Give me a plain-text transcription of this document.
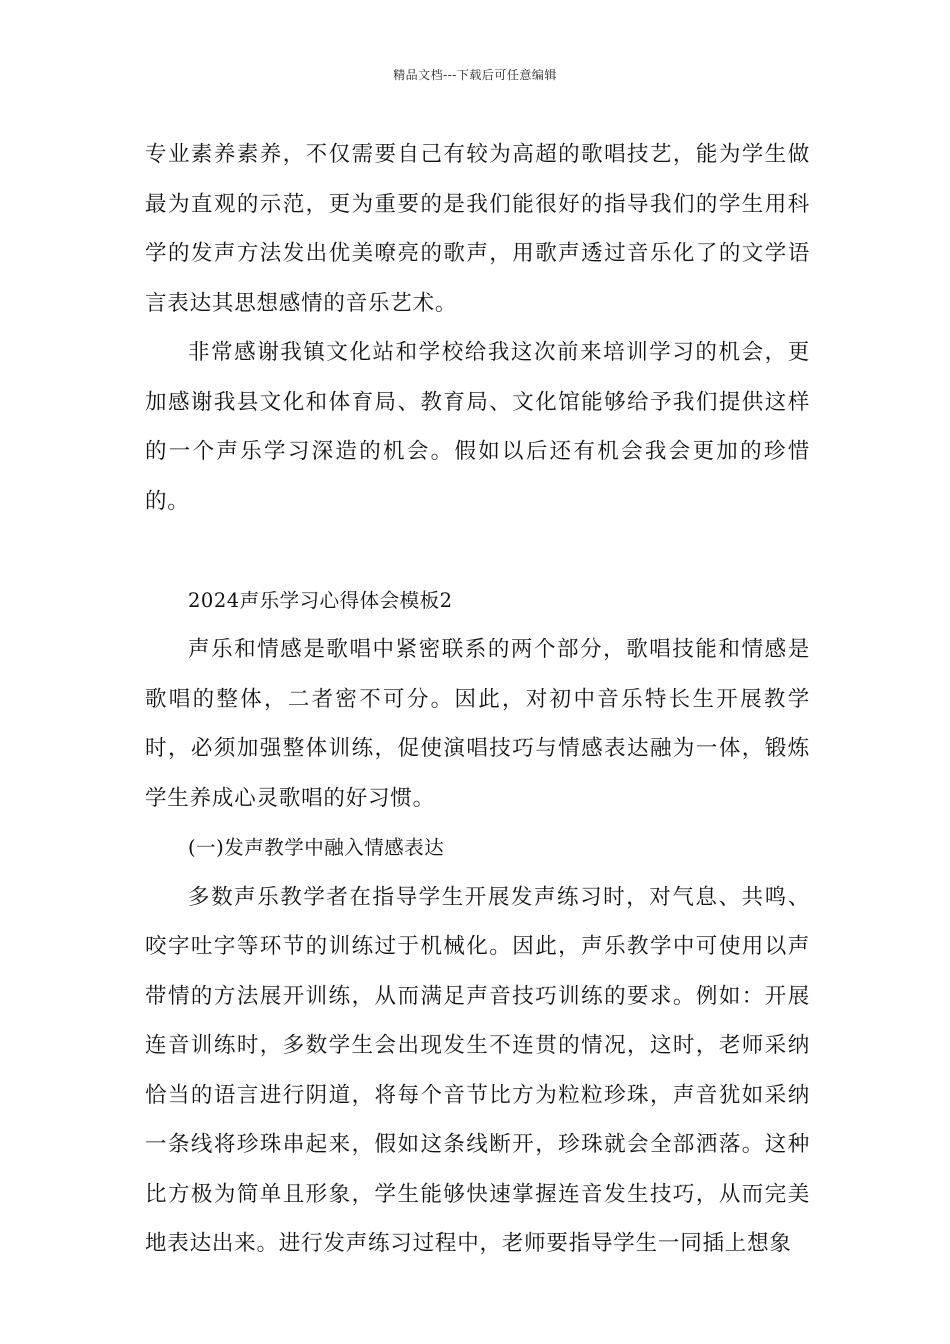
精品文档---下载后可任意编辑

专业素养素养，不仅需要自己有较为高超的歌唱技艺，能为学生做最为直观的示范，更为重要的是我们能很好的指导我们的学生用科学的发声方法发出优美嘹亮的歌声，用歌声透过音乐化了的文学语言表达其思想感情的音乐艺术。

非常感谢我镇文化站和学校给我这次前来培训学习的机会，更加感谢我县文化和体育局、教育局、文化馆能够给予我们提供这样的一个声乐学习深造的机会。假如以后还有机会我会更加的珍惜的。

2024声乐学习心得体会模板2

声乐和情感是歌唱中紧密联系的两个部分，歌唱技能和情感是歌唱的整体，二者密不可分。因此，对初中音乐特长生开展教学时，必须加强整体训练，促使演唱技巧与情感表达融为一体，锻炼学生养成心灵歌唱的好习惯。

(一)发声教学中融入情感表达

多数声乐教学者在指导学生开展发声练习时，对气息、共鸣、咬字吐字等环节的训练过于机械化。因此，声乐教学中可使用以声带情的方法展开训练，从而满足声音技巧训练的要求。例如：开展连音训练时，多数学生会出现发生不连贯的情况，这时，老师采纳恰当的语言进行阴道，将每个音节比方为粒粒珍珠，声音犹如采纳一条线将珍珠串起来，假如这条线断开，珍珠就会全部洒落。这种比方极为简单且形象，学生能够快速掌握连音发生技巧，从而完美地表达出来。进行发声练习过程中，老师要指导学生一同插上想象
